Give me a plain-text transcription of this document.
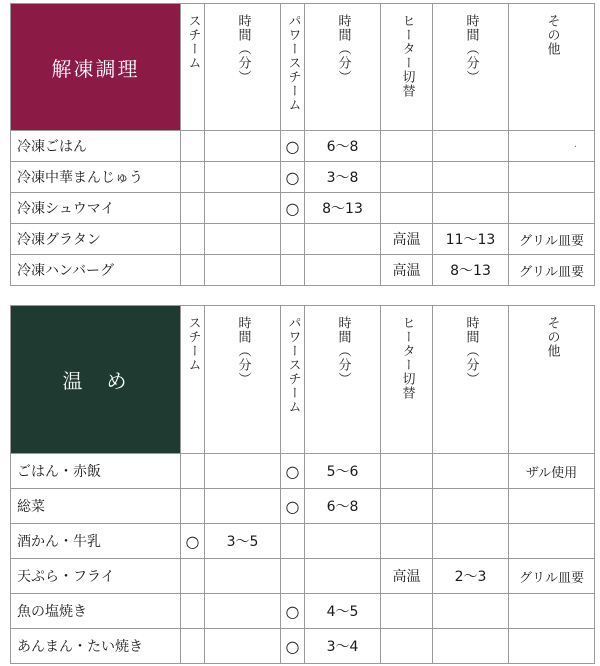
解凍調理	スチーム	時間（分）	パワースチーム	時間（分）	ヒーター切替	時間（分）	その他
冷凍ごはん			○	6～8			·
冷凍中華まんじゅう			○	3～8			
冷凍シュウマイ			○	8～13			
冷凍グラタン					高温	11～13	グリル皿要
冷凍ハンバーグ					高温	8～13	グリル皿要
温　め	スチーム	時間（分）	パワースチーム	時間（分）	ヒーター切替	時間（分）	その他
ごはん・赤飯			○	5～6			ザル使用
総菜			○	6～8			
酒かん・牛乳	○	3～5					
天ぷら・フライ					高温	2～3	グリル皿要
魚の塩焼き			○	4～5			
あんまん・たい焼き			○	3～4			
